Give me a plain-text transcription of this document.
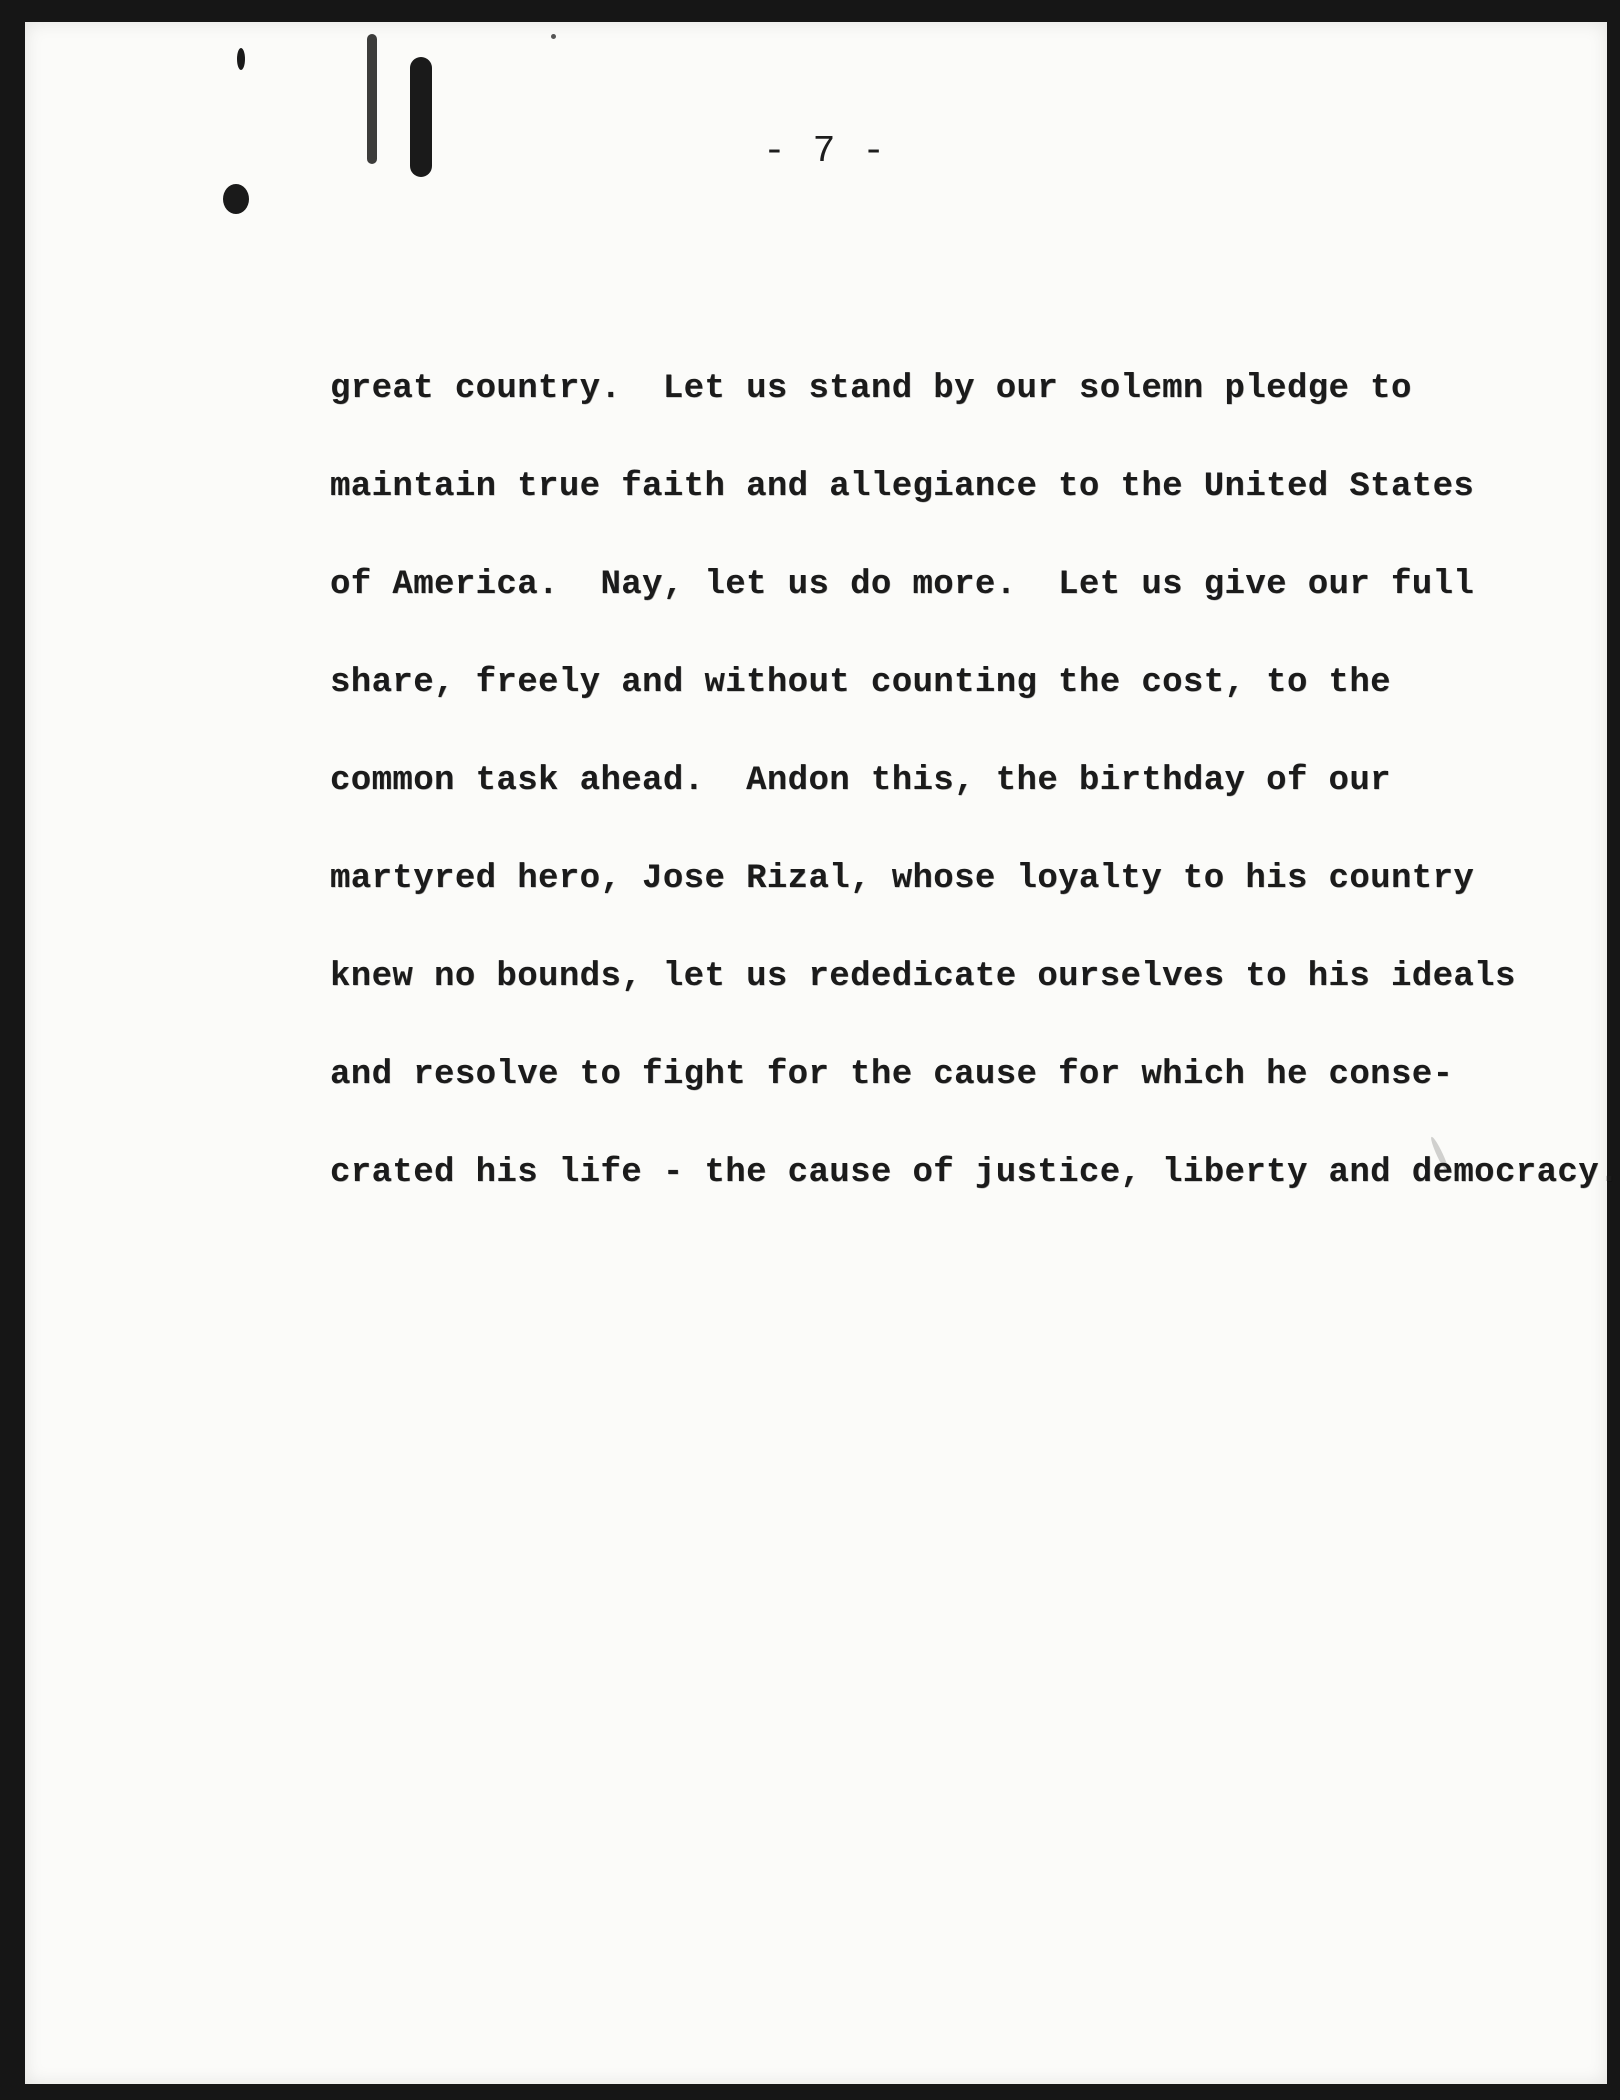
- 7 -
great country.  Let us stand by our solemn pledge to
maintain true faith and allegiance to the United States
of America.  Nay, let us do more.  Let us give our full
share, freely and without counting the cost, to the
common task ahead.  Andon this, the birthday of our
martyred hero, Jose Rizal, whose loyalty to his country
knew no bounds, let us rededicate ourselves to his ideals
and resolve to fight for the cause for which he conse-
crated his life - the cause of justice, liberty and democracy.
